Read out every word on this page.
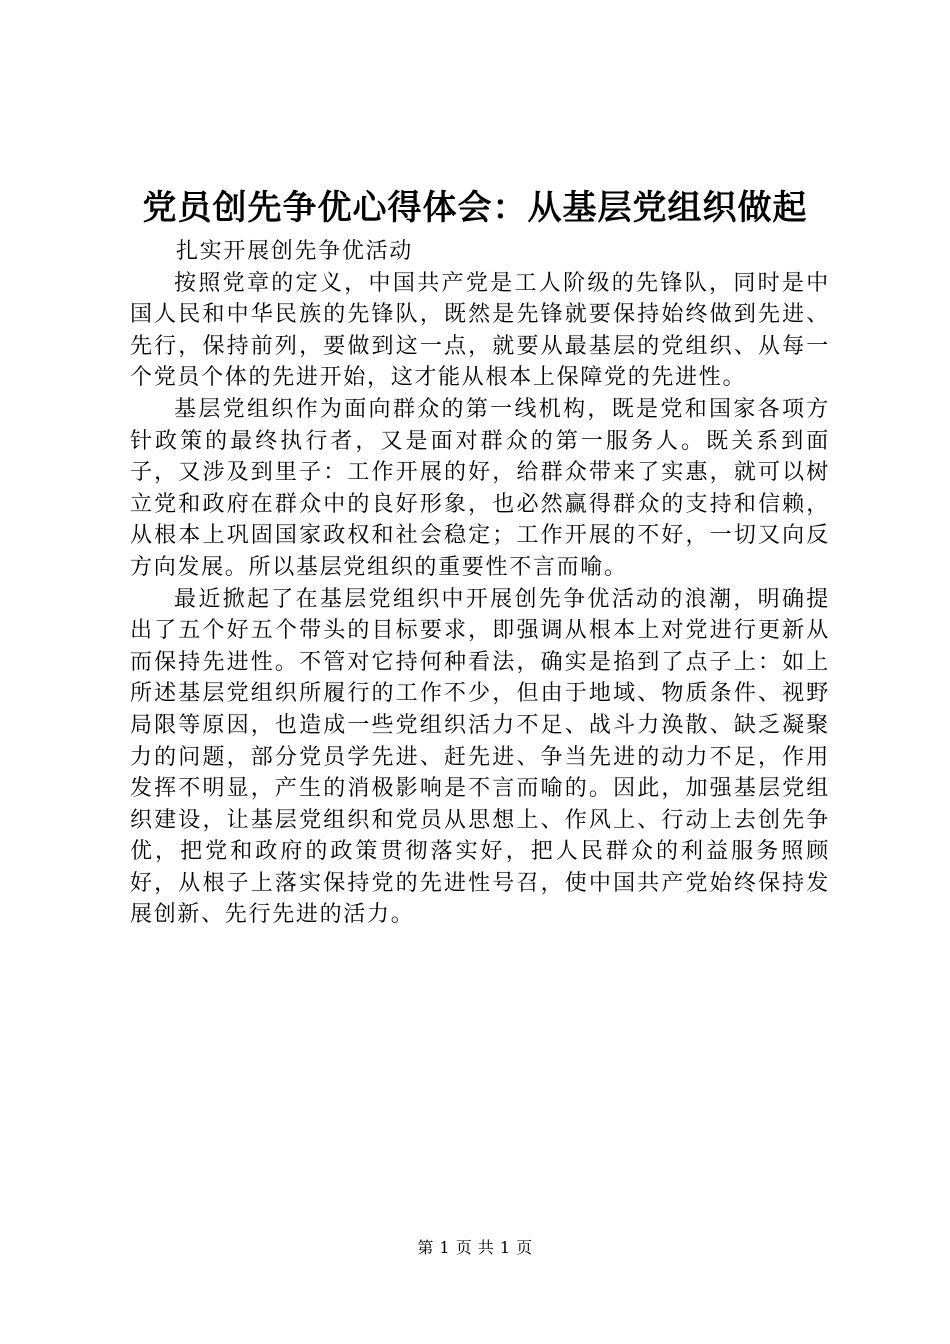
党员创先争优心得体会：从基层党组织做起
扎实开展创先争优活动

按照党章的定义，中国共产党是工人阶级的先锋队，同时是中国人民和中华民族的先锋队，既然是先锋就要保持始终做到先进、先行，保持前列，要做到这一点，就要从最基层的党组织、从每一个党员个体的先进开始，这才能从根本上保障党的先进性。

基层党组织作为面向群众的第一线机构，既是党和国家各项方针政策的最终执行者，又是面对群众的第一服务人。既关系到面子，又涉及到里子：工作开展的好，给群众带来了实惠，就可以树立党和政府在群众中的良好形象，也必然赢得群众的支持和信赖，从根本上巩固国家政权和社会稳定；工作开展的不好，一切又向反方向发展。所以基层党组织的重要性不言而喻。

最近掀起了在基层党组织中开展创先争优活动的浪潮，明确提出了五个好五个带头的目标要求，即强调从根本上对党进行更新从而保持先进性。不管对它持何种看法，确实是掐到了点子上：如上所述基层党组织所履行的工作不少，但由于地域、物质条件、视野局限等原因，也造成一些党组织活力不足、战斗力涣散、缺乏凝聚力的问题，部分党员学先进、赶先进、争当先进的动力不足，作用发挥不明显，产生的消极影响是不言而喻的。因此，加强基层党组织建设，让基层党组织和党员从思想上、作风上、行动上去创先争优，把党和政府的政策贯彻落实好，把人民群众的利益服务照顾好，从根子上落实保持党的先进性号召，使中国共产党始终保持发展创新、先行先进的活力。

第 1 页 共 1 页
